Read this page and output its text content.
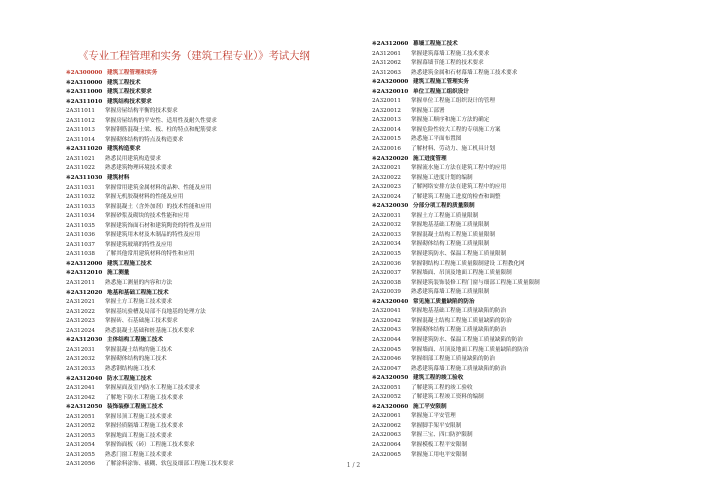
《专业工程管理和实务（建筑工程专业）》考试大纲
※2A300000 建筑工程管理和实务
※2A310000 建筑工程技术
※2A311000 建筑工程技术要求
※2A311010 建筑结构技术要求
2A311011 掌握房屋结构平衡的技术要求
2A311012 掌握房屋结构的平安性、适用性及耐久性要求
2A311013 掌握钢筋混凝土梁、板、柱的特点和配筋要求
2A311014 掌握砌体结构的特点及构造要求
※2A311020 建筑构造要求
2A311021 熟悉民用建筑构造要求
2A311022 熟悉建筑物理环境技术要求
※2A311030 建筑材料
2A311031 掌握常用建筑金属材料的品种、性能及应用
2A311032 掌握无机胶凝材料的性能及应用
2A311033 掌握混凝土（含外加剂）的技术性能和应用
2A311034 掌握砂浆及砌块的技术性能和应用
2A311035 掌握建筑饰面石材和建筑陶瓷的特性及应用
2A311036 掌握建筑用木材及木制品的特性及应用
2A311037 掌握建筑玻璃的特性及应用
2A311038 了解其他常用建筑材料的特性和应用
※2A312000 建筑工程施工技术
※2A312010 施工测量
2A312011 熟悉施工测量的内容和方法
※2A312020 地基和基础工程施工技术
2A312021 掌握土方工程施工技术要求
2A312022 掌握基坑验槽及局部不良地基的处理方法
2A312023 掌握砖、石基础施工技术要求
2A312024 熟悉混凝土基础和桩基施工技术要求
※2A312030 主体结构工程施工技术
2A312031 掌握混凝土结构的施工技术
2A312032 掌握砌体结构的施工技术
2A312033 熟悉钢结构施工技术
※2A312040 防水工程施工技术
2A312041 掌握屋面及室内防水工程施工技术要求
2A312042 了解地下防水工程施工技术要求
※2A312050 装饰装修工程施工技术
2A312051 掌握吊顶工程施工技术要求
2A312052 掌握轻质隔墙工程施工技术要求
2A312053 掌握地面工程施工技术要求
2A312054 掌握饰面板（砖）工程施工技术要求
2A312055 熟悉门窗工程施工技术要求
2A312056 了解涂料涂饰、裱糊、软包及细部工程施工技术要求
※2A312060 幕墙工程施工技术
2A312061 掌握建筑幕墙工程施工技术要求
2A312062 掌握幕墙节能工程的技术要求
2A312063 熟悉建筑金属和石材幕墙工程施工技术要求
※2A320000 建筑工程施工管理实务
※2A320010 单位工程施工组织设计
2A320011 掌握单位工程施工组织设计的管理
2A320012 掌握施工部署
2A320013 掌握施工顺序和施工方法的确定
2A320014 掌握危险性较大工程的专项施工方案
2A320015 熟悉施工平面布置图
2A320016 了解材料、劳动力、施工机具计划
※2A320020 施工进度管理
2A320021 掌握流水施工方法在建筑工程中的应用
2A320022 掌握施工进度计划的编制
2A320023 了解网络安排方法在建筑工程中的应用
2A320024 了解建筑工程施工进度的检查和调整
※2A320030 分部分项工程的质量限制
2A320031 掌握土方工程施工质量限制
2A320032 掌握地基基础工程施工质量限制
2A320033 掌握混凝土结构工程施工质量限制
2A320034 掌握砌体结构工程施工质量限制
2A320035 掌握建筑防水、保温工程施工质量限制
2A320036 掌握钢结构工程施工质量限制建设 工程教化网
2A320037 掌握墙面、吊顶及地面工程施工质量限制
2A320038 掌握建筑装饰装修工程门窗与细部工程施工质量限制
2A320039 熟悉建筑幕墙工程施工质量限制
※2A320040 常见施工质量缺陷的防治
2A320041 掌握地基基础工程施工质量缺陷的防治
2A320042 掌握混凝土结构工程施工质量缺陷的防治
2A320043 掌握砌体结构工程施工质量缺陷的防治
2A320044 掌握建筑防水、保温工程施工质量缺陷的防治
2A320045 掌握墙面、吊顶及地面工程施工质量缺陷的防治
2A320046 掌握细部工程施工质量缺陷的防治
2A320047 熟悉建筑幕墙工程施工质量缺陷的防治
※2A320050 建筑工程的竣工验收
2A320051 了解建筑工程的竣工验收
2A320052 了解建筑工程竣工资料的编制
※2A320060 施工平安限制
2A320061 掌握施工平安管理
2A320062 掌握脚手架平安限制
2A320063 掌握三宝、四口防护限制
2A320064 掌握模板工程平安限制
2A320065 掌握施工用电平安限制
1 / 2
